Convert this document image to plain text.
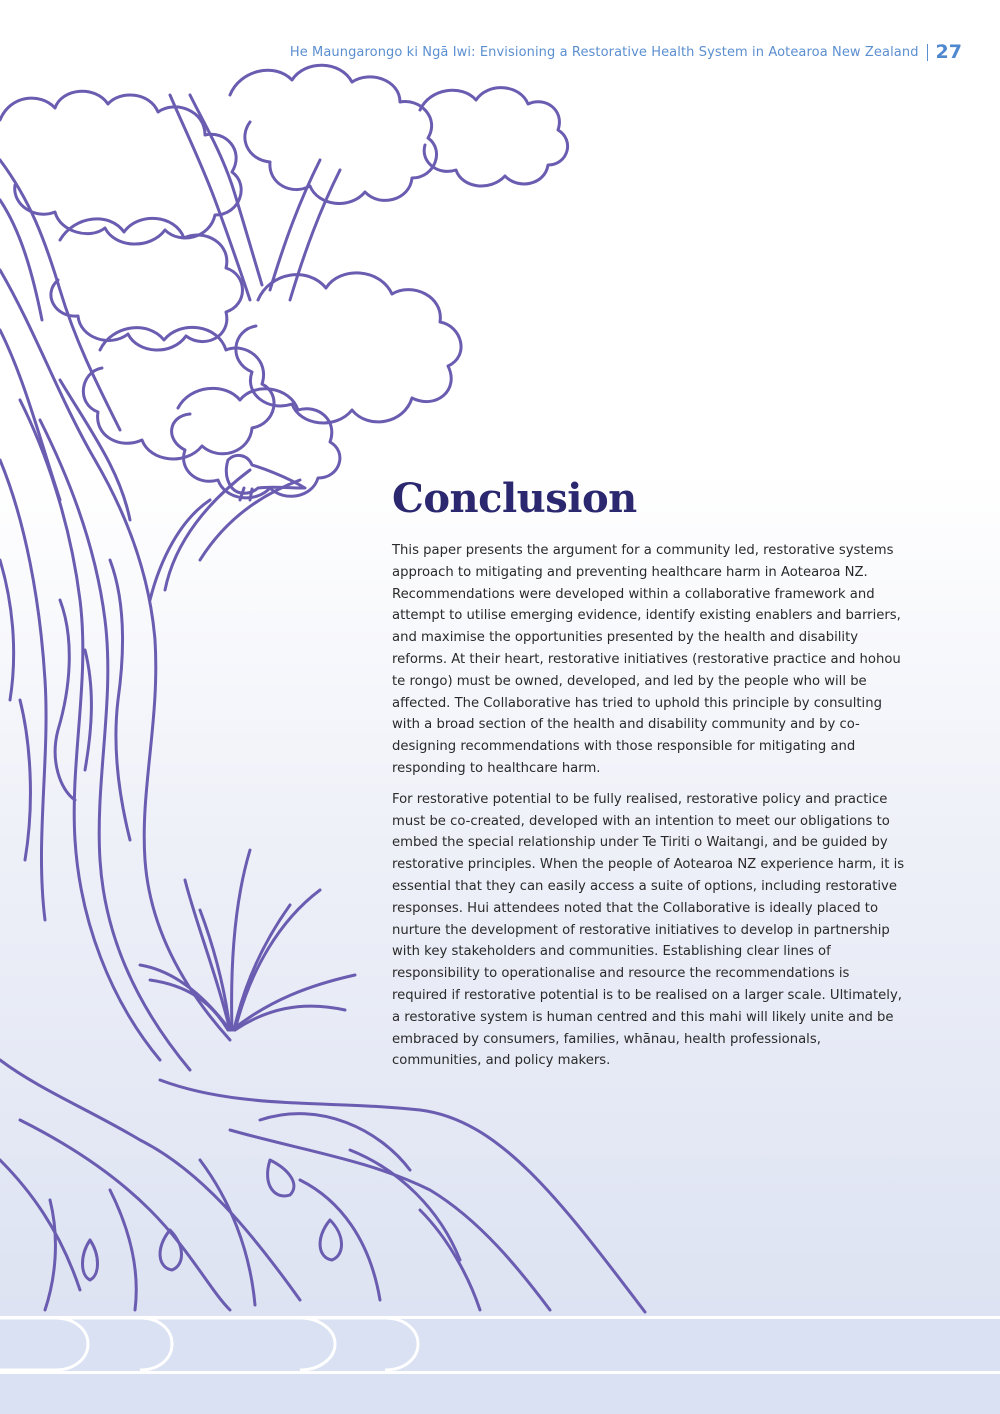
He Maungarongo ki Ngā Iwi: Envisioning a Restorative Health System in Aotearoa New Zealand 27
Conclusion

This paper presents the argument for a community led, restorative systems approach to mitigating and preventing healthcare harm in Aotearoa NZ. Recommendations were developed within a collaborative framework and attempt to utilise emerging evidence, identify existing enablers and barriers, and maximise the opportunities presented by the health and disability reforms. At their heart, restorative initiatives (restorative practice and hohou te rongo) must be owned, developed, and led by the people who will be affected. The Collaborative has tried to uphold this principle by consulting with a broad section of the health and disability community and by co-designing recommendations with those responsible for mitigating and responding to healthcare harm.

For restorative potential to be fully realised, restorative policy and practice must be co-created, developed with an intention to meet our obligations to embed the special relationship under Te Tiriti o Waitangi, and be guided by restorative principles. When the people of Aotearoa NZ experience harm, it is essential that they can easily access a suite of options, including restorative responses. Hui attendees noted that the Collaborative is ideally placed to nurture the development of restorative initiatives to develop in partnership with key stakeholders and communities. Establishing clear lines of responsibility to operationalise and resource the recommendations is required if restorative potential is to be realised on a larger scale. Ultimately, a restorative system is human centred and this mahi will likely unite and be embraced by consumers, families, whānau, health professionals, communities, and policy makers.
